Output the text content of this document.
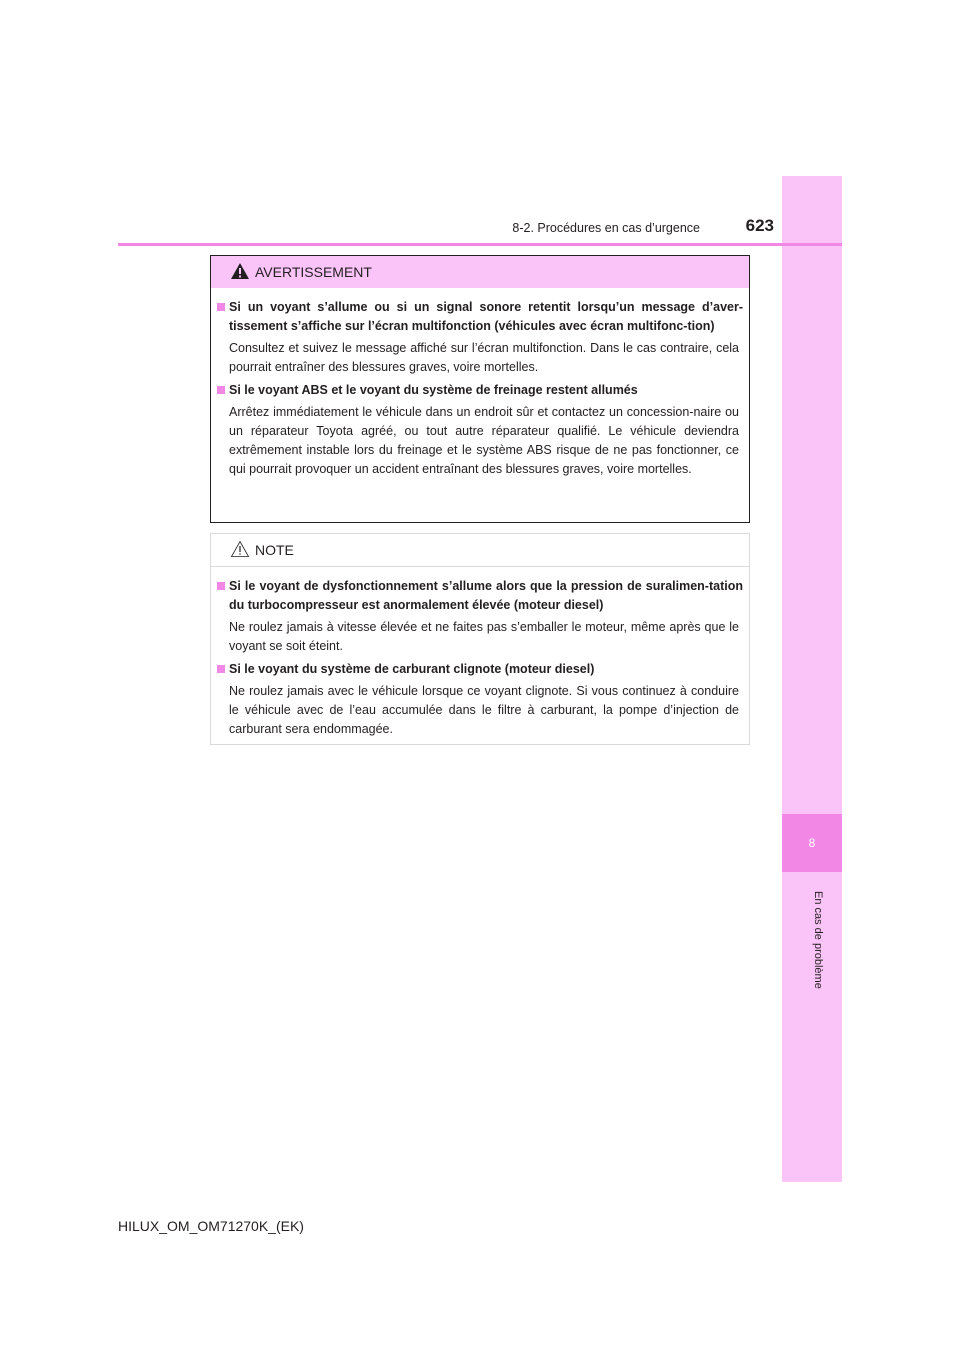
8
En cas de problème
8-2. Procédures en cas d’urgence	623
AVERTISSEMENT
Si un voyant s’allume ou si un signal sonore retentit lorsqu’un message d’aver-tissement s’affiche sur l’écran multifonction (véhicules avec écran multifonc-tion)
Consultez et suivez le message affiché sur l’écran multifonction. Dans le cas contraire, cela pourrait entraîner des blessures graves, voire mortelles.
Si le voyant ABS et le voyant du système de freinage restent allumés
Arrêtez immédiatement le véhicule dans un endroit sûr et contactez un concession-naire ou un réparateur Toyota agréé, ou tout autre réparateur qualifié. Le véhicule deviendra extrêmement instable lors du freinage et le système ABS risque de ne pas fonctionner, ce qui pourrait provoquer un accident entraînant des blessures graves, voire mortelles.
NOTE
Si le voyant de dysfonctionnement s’allume alors que la pression de suralimen-tation du turbocompresseur est anormalement élevée (moteur diesel)
Ne roulez jamais à vitesse élevée et ne faites pas s’emballer le moteur, même après que le voyant se soit éteint.
Si le voyant du système de carburant clignote (moteur diesel)
Ne roulez jamais avec le véhicule lorsque ce voyant clignote. Si vous continuez à conduire le véhicule avec de l’eau accumulée dans le filtre à carburant, la pompe d’injection de carburant sera endommagée.
HILUX_OM_OM71270K_(EK)
